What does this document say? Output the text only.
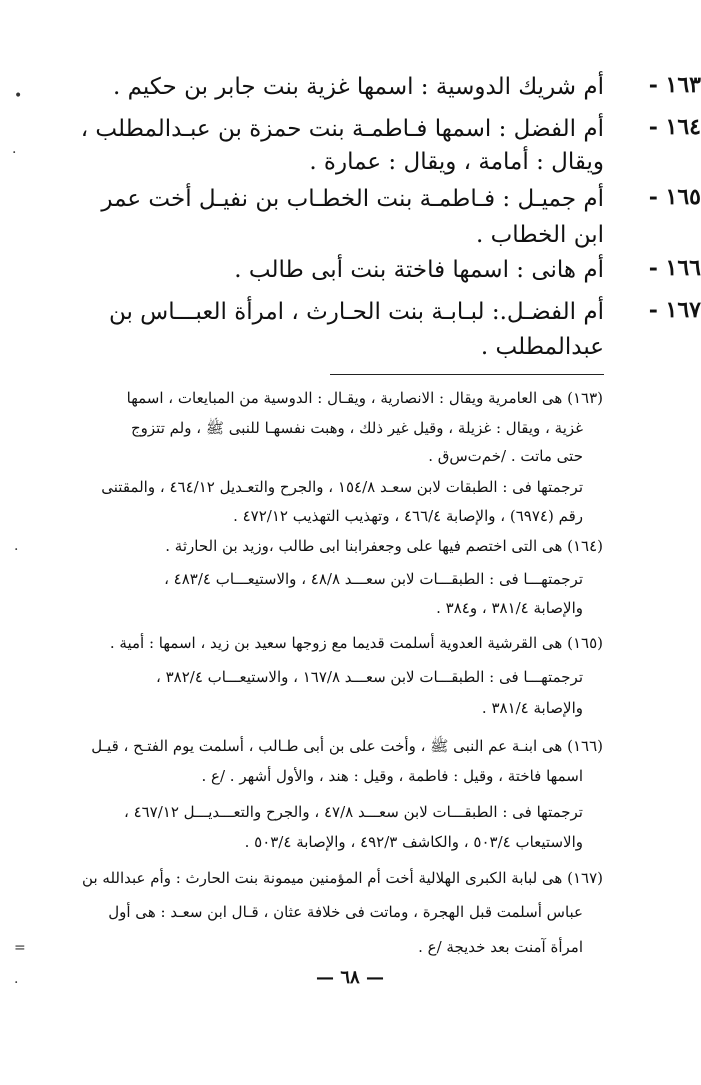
١٦٣ -
أم شريك الدوسية : اسمها غزية بنت جابر بن حكيم .
١٦٤ -
أم الفضل : اسمها فـاطمـة بنت حمزة بن عبـدالمطلب ،
ويقال : أمامة ، ويقال : عمارة .
١٦٥ -
أم جميـل : فـاطمـة بنت الخطـاب بن نفيـل أخت عمر
ابن الخطاب .
١٦٦ -
أم هانى : اسمها فاختة بنت أبى طالب .
١٦٧ -
أم الفضـل.: لبـابـة بنت الحـارث ، امرأة العبـــاس بن
عبدالمطلب .
(١٦٣) هى العامرية ويقال : الانصارية ، ويقـال : الدوسية من المبايعات ، اسمها
غزية ، ويقال : غزيلة ، وقيل غير ذلك ، وهبت نفسهـا للنبى ﷺ ، ولم تتزوج
حتى ماتت . /خم‌ت‌س‌ق .
ترجمتها فى : الطبقات لابن سعـد ١٥٤/٨ ، والجرح والتعـديل ٤٦٤/١٢ ، والمقتنى
رقم (٦٩٧٤) ، والإصابة ٤٦٦/٤ ، وتهذيب التهذيب ٤٧٢/١٢ .
(١٦٤) هى التى اختصم فيها على وجعفرابنا ابى طالب ،وزيد بن الحارثة .
ترجمتهـــا فى : الطبقـــات لابن سعـــد ٤٨/٨ ، والاستيعـــاب ٤٨٣/٤ ،
والإصابة ٣٨١/٤ ، و٣٨٤ .
(١٦٥) هى القرشية العدوية أسلمت قديما مع زوجها سعيد بن زيد ، اسمها : أمية .
ترجمتهـــا فى : الطبقـــات لابن سعـــد ١٦٧/٨ ، والاستيعـــاب ٣٨٢/٤ ،
والإصابة ٣٨١/٤ .
(١٦٦) هى ابنـة عم النبى ﷺ ، وأخت على بن أبى طـالب ، أسلمت يوم الفتـح ، قيـل
اسمها فاختة ، وقيل : فاطمة ، وقيل : هند ، والأول أشهر . /ع .
ترجمتها فى : الطبقـــات لابن سعـــد ٤٧/٨ ، والجرح والتعـــديـــل ٤٦٧/١٢ ،
والاستيعاب ٥٠٣/٤ ، والكاشف ٤٩٢/٣ ، والإصابة ٥٠٣/٤ .
(١٦٧) هى لبابة الكبرى الهلالية أخت أم المؤمنين ميمونة بنت الحارث : وأم عبدالله بن
عباس أسلمت قبل الهجرة ، وماتت فى خلافة عثان ، قـال ابن سعـد : هى أول
امرأة آمنت بعد خديجة /ع .
— ٦٨ —
•
·
·
=
·
